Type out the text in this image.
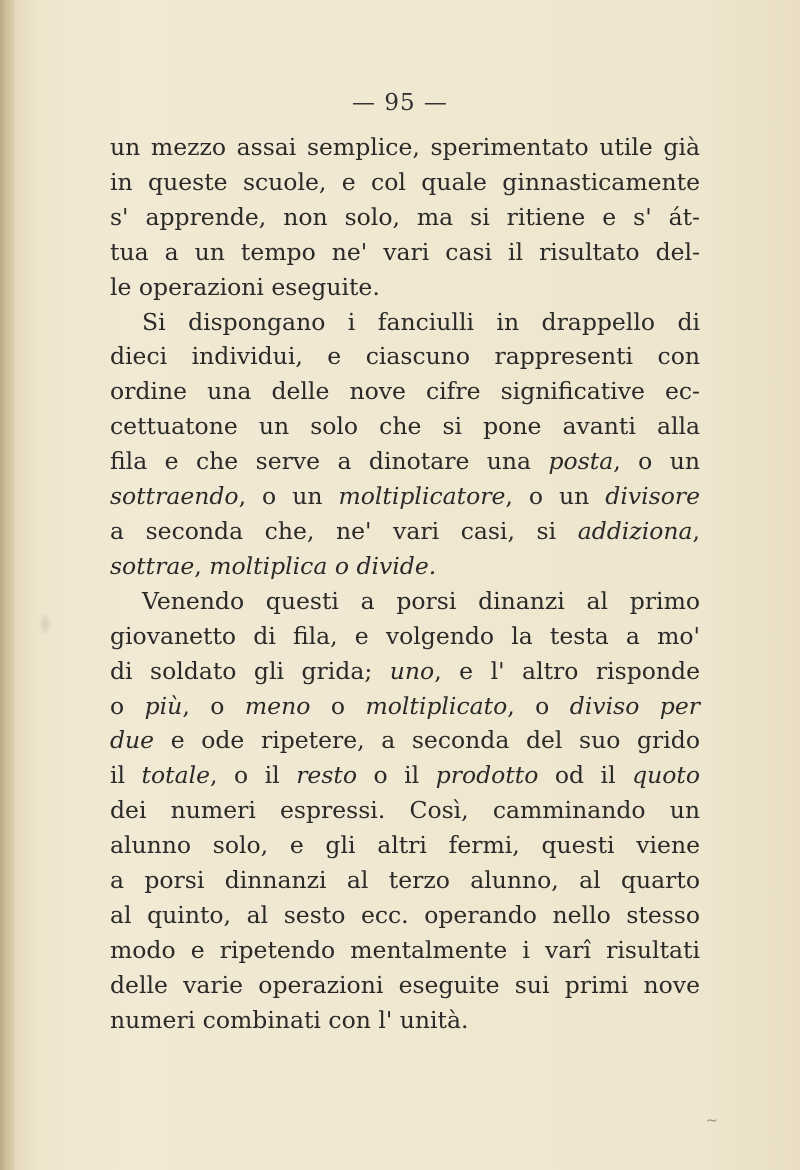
— 95 —
un mezzo assai semplice, sperimentato utile già
in queste scuole, e col quale ginnasticamente
s' apprende, non solo, ma si ritiene e s' át-
tua a un tempo ne' vari casi il risultato del-
le operazioni eseguite.
Si dispongano i fanciulli in drappello di
dieci individui, e ciascuno rappresenti con
ordine una delle nove cifre significative ec-
cettuatone un solo che si pone avanti alla
fila e che serve a dinotare una posta, o un
sottraendo, o un moltiplicatore, o un divisore
a seconda che, ne' vari casi, si addiziona,
sottrae, moltiplica o divide.
Venendo questi a porsi dinanzi al primo
giovanetto di fila, e volgendo la testa a mo'
di soldato gli grida; uno, e l' altro risponde
o più, o meno o moltiplicato, o diviso per
due e ode ripetere, a seconda del suo grido
il totale, o il resto o il prodotto od il quoto
dei numeri espressi. Così, camminando un
alunno solo, e gli altri fermi, questi viene
a porsi dinnanzi al terzo alunno, al quarto
al quinto, al sesto ecc. operando nello stesso
modo e ripetendo mentalmente i varî risultati
delle varie operazioni eseguite sui primi nove
numeri combinati con l' unità.
~
